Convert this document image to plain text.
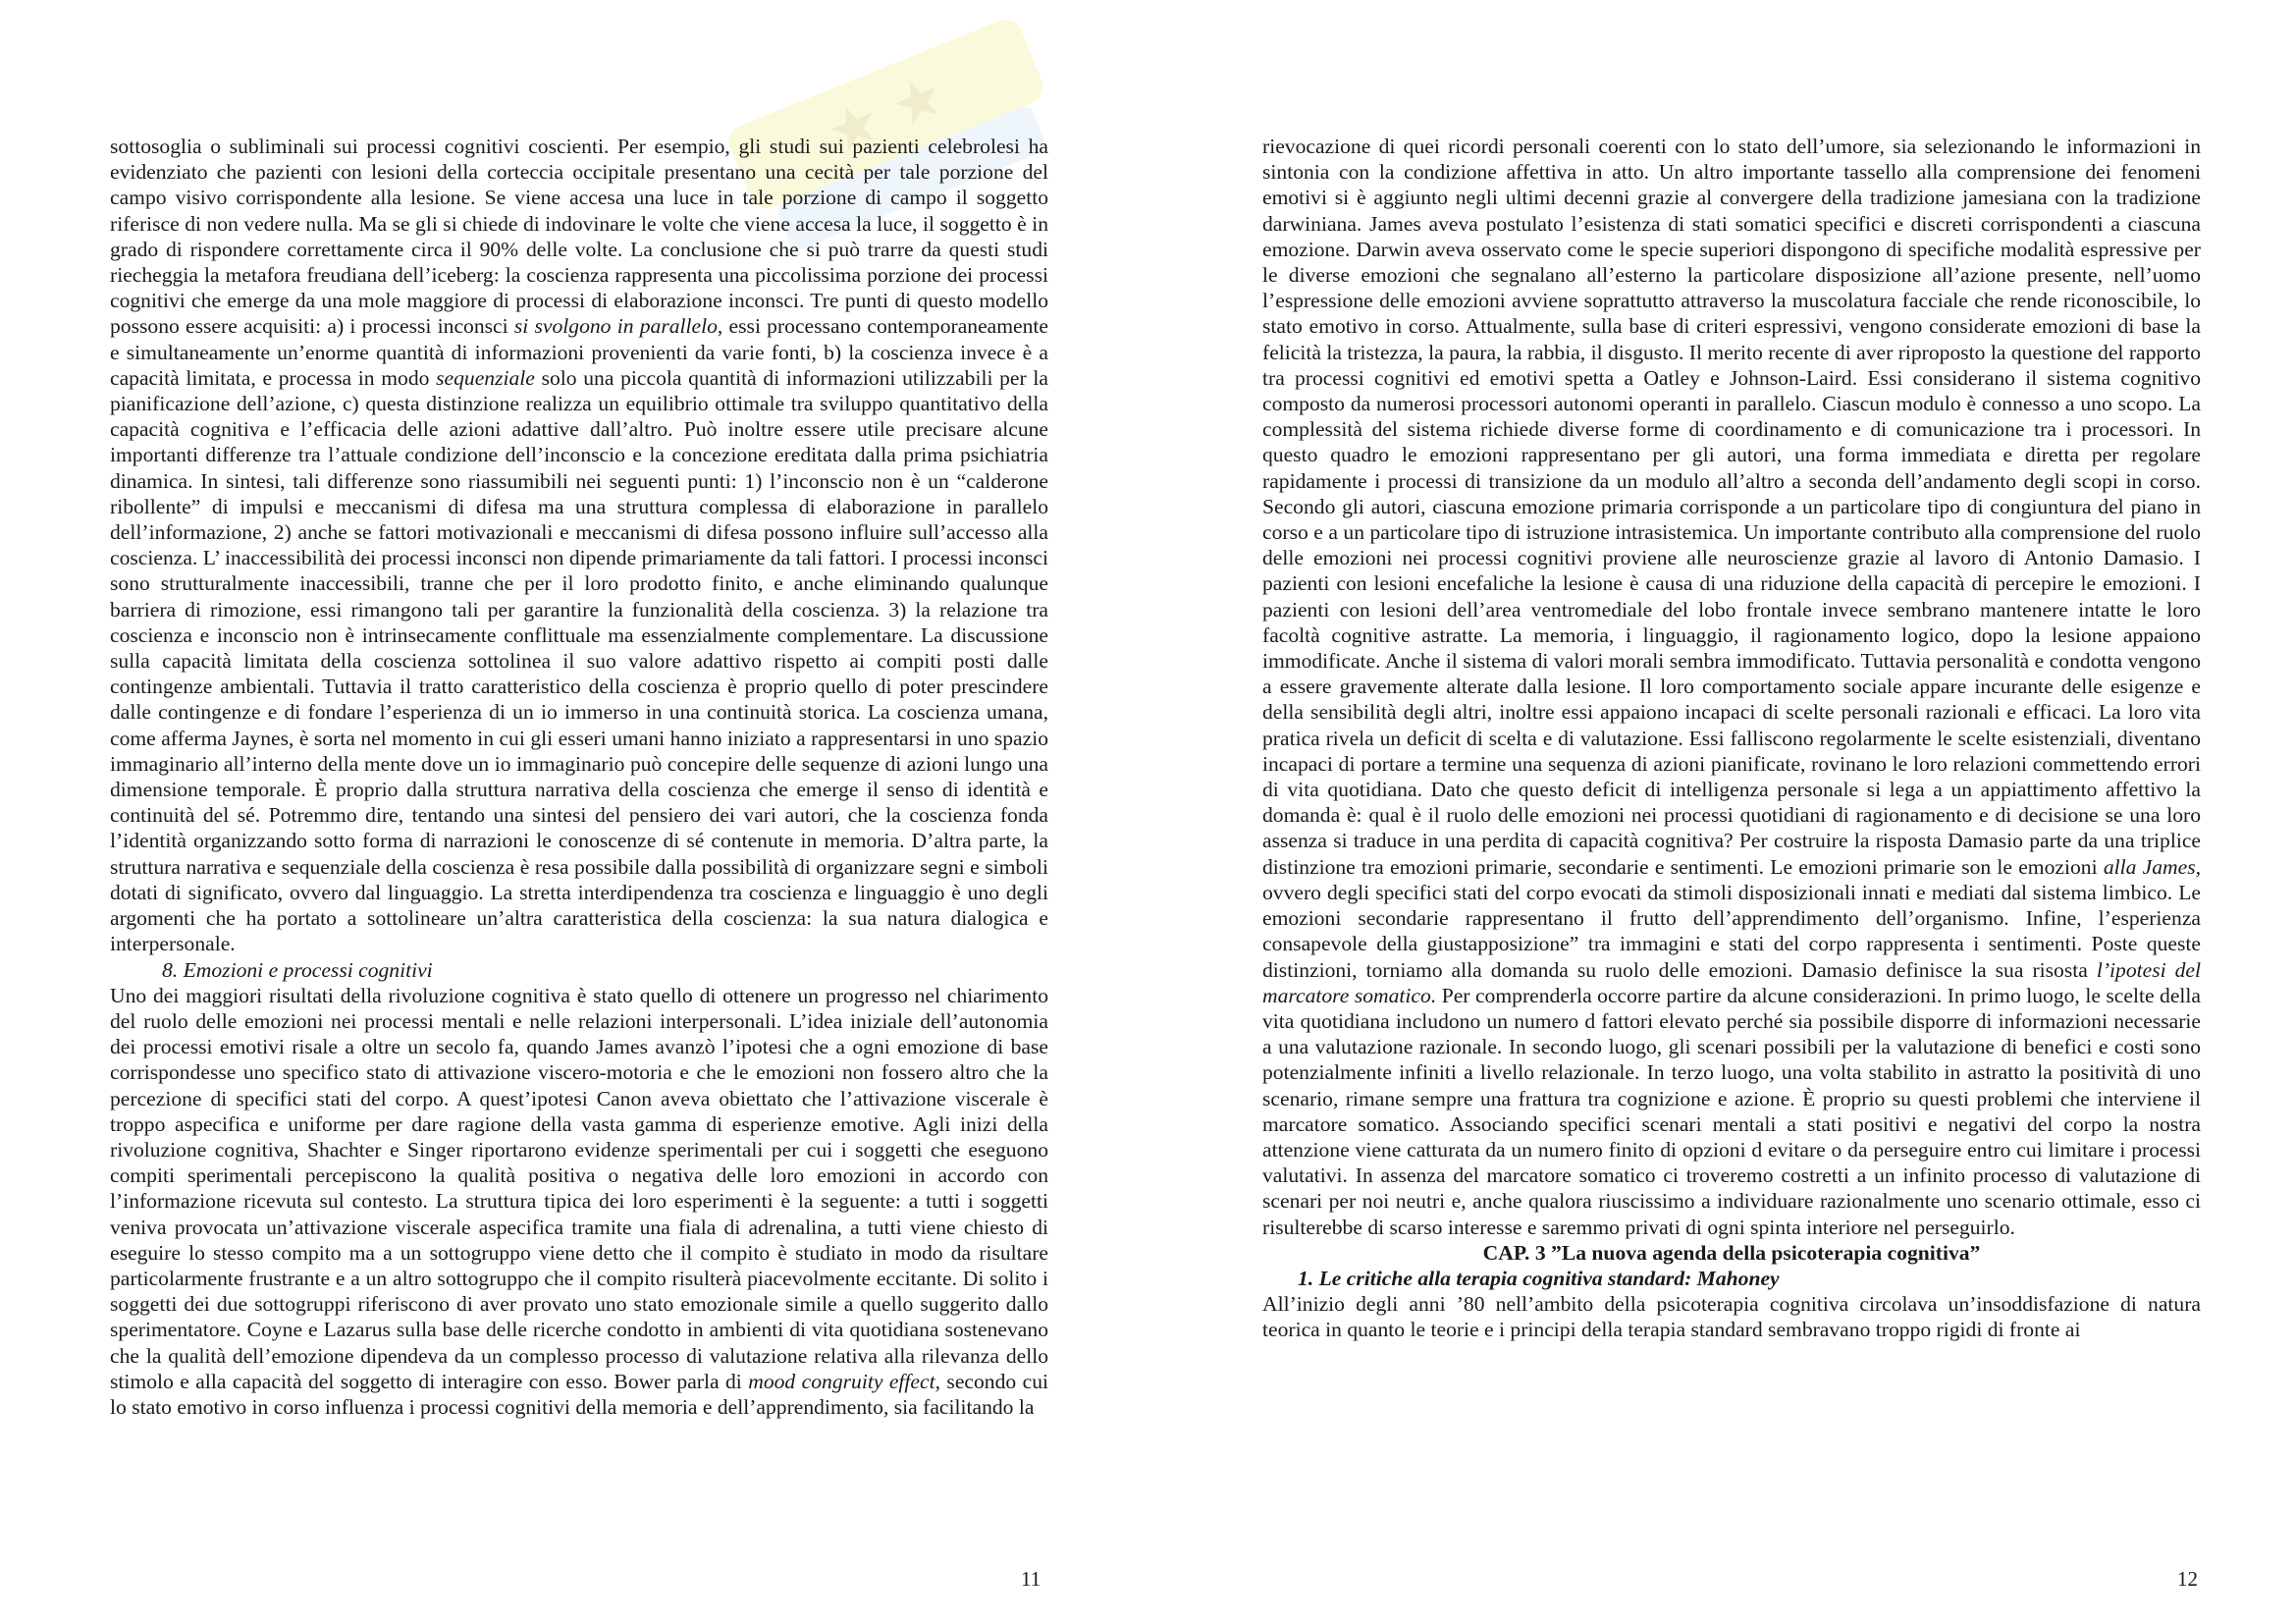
★ ★

sottosoglia o subliminali sui processi cognitivi coscienti. Per esempio, gli studi sui pazienti celebrolesi ha evidenziato che pazienti con lesioni della corteccia occipitale presentano una cecità per tale porzione del campo visivo corrispondente alla lesione. Se viene accesa una luce in tale porzione di campo il soggetto riferisce di non vedere nulla. Ma se gli si chiede di indovinare le volte che viene accesa la luce, il soggetto è in grado di rispondere correttamente circa il 90% delle volte. La conclusione che si può trarre da questi studi riecheggia la metafora freudiana dell’iceberg: la coscienza rappresenta una piccolissima porzione dei processi cognitivi che emerge da una mole maggiore di processi di elaborazione inconsci. Tre punti di questo modello possono essere acquisiti: a) i processi inconsci si svolgono in parallelo, essi processano contemporaneamente e simultaneamente un’enorme quantità di informazioni provenienti da varie fonti, b) la coscienza invece è a capacità limitata, e processa in modo sequenziale solo una piccola quantità di informazioni utilizzabili per la pianificazione dell’azione, c) questa distinzione realizza un equilibrio ottimale tra sviluppo quantitativo della capacità cognitiva e l’efficacia delle azioni adattive dall’altro. Può inoltre essere utile precisare alcune importanti differenze tra l’attuale condizione dell’inconscio e la concezione ereditata dalla prima psichiatria dinamica. In sintesi, tali differenze sono riassumibili nei seguenti punti: 1) l’inconscio non è un “calderone ribollente” di impulsi e meccanismi di difesa ma una struttura complessa di elaborazione in parallelo dell’informazione, 2) anche se fattori motivazionali e meccanismi di difesa possono influire sull’accesso alla coscienza. L’ inaccessibilità dei processi inconsci non dipende primariamente da tali fattori. I processi inconsci sono strutturalmente inaccessibili, tranne che per il loro prodotto finito, e anche eliminando qualunque barriera di rimozione, essi rimangono tali per garantire la funzionalità della coscienza. 3) la relazione tra coscienza e inconscio non è intrinsecamente conflittuale ma essenzialmente complementare. La discussione sulla capacità limitata della coscienza sottolinea il suo valore adattivo rispetto ai compiti posti dalle contingenze ambientali. Tuttavia il tratto caratteristico della coscienza è proprio quello di poter prescindere dalle contingenze e di fondare l’esperienza di un io immerso in una continuità storica. La coscienza umana, come afferma Jaynes, è sorta nel momento in cui gli esseri umani hanno iniziato a rappresentarsi in uno spazio immaginario all’interno della mente dove un io immaginario può concepire delle sequenze di azioni lungo una dimensione temporale. È proprio dalla struttura narrativa della coscienza che emerge il senso di identità e continuità del sé. Potremmo dire, tentando una sintesi del pensiero dei vari autori, che la coscienza fonda l’identità organizzando sotto forma di narrazioni le conoscenze di sé contenute in memoria. D’altra parte, la struttura narrativa e sequenziale della coscienza è resa possibile dalla possibilità di organizzare segni e simboli dotati di significato, ovvero dal linguaggio. La stretta interdipendenza tra coscienza e linguaggio è uno degli argomenti che ha portato a sottolineare un’altra caratteristica della coscienza: la sua natura dialogica e interpersonale.

8. Emozioni e processi cognitivi

Uno dei maggiori risultati della rivoluzione cognitiva è stato quello di ottenere un progresso nel chiarimento del ruolo delle emozioni nei processi mentali e nelle relazioni interpersonali. L’idea iniziale dell’autonomia dei processi emotivi risale a oltre un secolo fa, quando James avanzò l’ipotesi che a ogni emozione di base corrispondesse uno specifico stato di attivazione viscero-motoria e che le emozioni non fossero altro che la percezione di specifici stati del corpo. A quest’ipotesi Canon aveva obiettato che l’attivazione viscerale è troppo aspecifica e uniforme per dare ragione della vasta gamma di esperienze emotive. Agli inizi della rivoluzione cognitiva, Shachter e Singer riportarono evidenze sperimentali per cui i soggetti che eseguono compiti sperimentali percepiscono la qualità positiva o negativa delle loro emozioni in accordo con l’informazione ricevuta sul contesto. La struttura tipica dei loro esperimenti è la seguente: a tutti i soggetti veniva provocata un’attivazione viscerale aspecifica tramite una fiala di adrenalina, a tutti viene chiesto di eseguire lo stesso compito ma a un sottogruppo viene detto che il compito è studiato in modo da risultare particolarmente frustrante e a un altro sottogruppo che il compito risulterà piacevolmente eccitante. Di solito i soggetti dei due sottogruppi riferiscono di aver provato uno stato emozionale simile a quello suggerito dallo sperimentatore. Coyne e Lazarus sulla base delle ricerche condotto in ambienti di vita quotidiana sostenevano che la qualità dell’emozione dipendeva da un complesso processo di valutazione relativa alla rilevanza dello stimolo e alla capacità del soggetto di interagire con esso. Bower parla di mood congruity effect, secondo cui lo stato emotivo in corso influenza i processi cognitivi della memoria e dell’apprendimento, sia facilitando la

rievocazione di quei ricordi personali coerenti con lo stato dell’umore, sia selezionando le informazioni in sintonia con la condizione affettiva in atto. Un altro importante tassello alla comprensione dei fenomeni emotivi si è aggiunto negli ultimi decenni grazie al convergere della tradizione jamesiana con la tradizione darwiniana. James aveva postulato l’esistenza di stati somatici specifici e discreti corrispondenti a ciascuna emozione. Darwin aveva osservato come le specie superiori dispongono di specifiche modalità espressive per le diverse emozioni che segnalano all’esterno la particolare disposizione all’azione presente, nell’uomo l’espressione delle emozioni avviene soprattutto attraverso la muscolatura facciale che rende riconoscibile, lo stato emotivo in corso. Attualmente, sulla base di criteri espressivi, vengono considerate emozioni di base la felicità la tristezza, la paura, la rabbia, il disgusto. Il merito recente di aver riproposto la questione del rapporto tra processi cognitivi ed emotivi spetta a Oatley e Johnson-Laird. Essi considerano il sistema cognitivo composto da numerosi processori autonomi operanti in parallelo. Ciascun modulo è connesso a uno scopo. La complessità del sistema richiede diverse forme di coordinamento e di comunicazione tra i processori. In questo quadro le emozioni rappresentano per gli autori, una forma immediata e diretta per regolare rapidamente i processi di transizione da un modulo all’altro a seconda dell’andamento degli scopi in corso. Secondo gli autori, ciascuna emozione primaria corrisponde a un particolare tipo di congiuntura del piano in corso e a un particolare tipo di istruzione intrasistemica. Un importante contributo alla comprensione del ruolo delle emozioni nei processi cognitivi proviene alle neuroscienze grazie al lavoro di Antonio Damasio. I pazienti con lesioni encefaliche la lesione è causa di una riduzione della capacità di percepire le emozioni. I pazienti con lesioni dell’area ventromediale del lobo frontale invece sembrano mantenere intatte le loro facoltà cognitive astratte. La memoria, i linguaggio, il ragionamento logico, dopo la lesione appaiono immodificate. Anche il sistema di valori morali sembra immodificato. Tuttavia personalità e condotta vengono a essere gravemente alterate dalla lesione. Il loro comportamento sociale appare incurante delle esigenze e della sensibilità degli altri, inoltre essi appaiono incapaci di scelte personali razionali e efficaci. La loro vita pratica rivela un deficit di scelta e di valutazione. Essi falliscono regolarmente le scelte esistenziali, diventano incapaci di portare a termine una sequenza di azioni pianificate, rovinano le loro relazioni commettendo errori di vita quotidiana. Dato che questo deficit di intelligenza personale si lega a un appiattimento affettivo la domanda è: qual è il ruolo delle emozioni nei processi quotidiani di ragionamento e di decisione se una loro assenza si traduce in una perdita di capacità cognitiva? Per costruire la risposta Damasio parte da una triplice distinzione tra emozioni primarie, secondarie e sentimenti. Le emozioni primarie son le emozioni alla James, ovvero degli specifici stati del corpo evocati da stimoli disposizionali innati e mediati dal sistema limbico. Le emozioni secondarie rappresentano il frutto dell’apprendimento dell’organismo. Infine, l’esperienza consapevole della giustapposizione” tra immagini e stati del corpo rappresenta i sentimenti. Poste queste distinzioni, torniamo alla domanda su ruolo delle emozioni. Damasio definisce la sua risosta l’ipotesi del marcatore somatico. Per comprenderla occorre partire da alcune considerazioni. In primo luogo, le scelte della vita quotidiana includono un numero d fattori elevato perché sia possibile disporre di informazioni necessarie a una valutazione razionale. In secondo luogo, gli scenari possibili per la valutazione di benefici e costi sono potenzialmente infiniti a livello relazionale. In terzo luogo, una volta stabilito in astratto la positività di uno scenario, rimane sempre una frattura tra cognizione e azione. È proprio su questi problemi che interviene il marcatore somatico. Associando specifici scenari mentali a stati positivi e negativi del corpo la nostra attenzione viene catturata da un numero finito di opzioni d evitare o da perseguire entro cui limitare i processi valutativi. In assenza del marcatore somatico ci troveremo costretti a un infinito processo di valutazione di scenari per noi neutri e, anche qualora riuscissimo a individuare razionalmente uno scenario ottimale, esso ci risulterebbe di scarso interesse e saremmo privati di ogni spinta interiore nel perseguirlo.

CAP. 3 ”La nuova agenda della psicoterapia cognitiva”

1. Le critiche alla terapia cognitiva standard: Mahoney

All’inizio degli anni ’80 nell’ambito della psicoterapia cognitiva circolava un’insoddisfazione di natura teorica in quanto le teorie e i principi della terapia standard sembravano troppo rigidi di fronte ai

11	12
